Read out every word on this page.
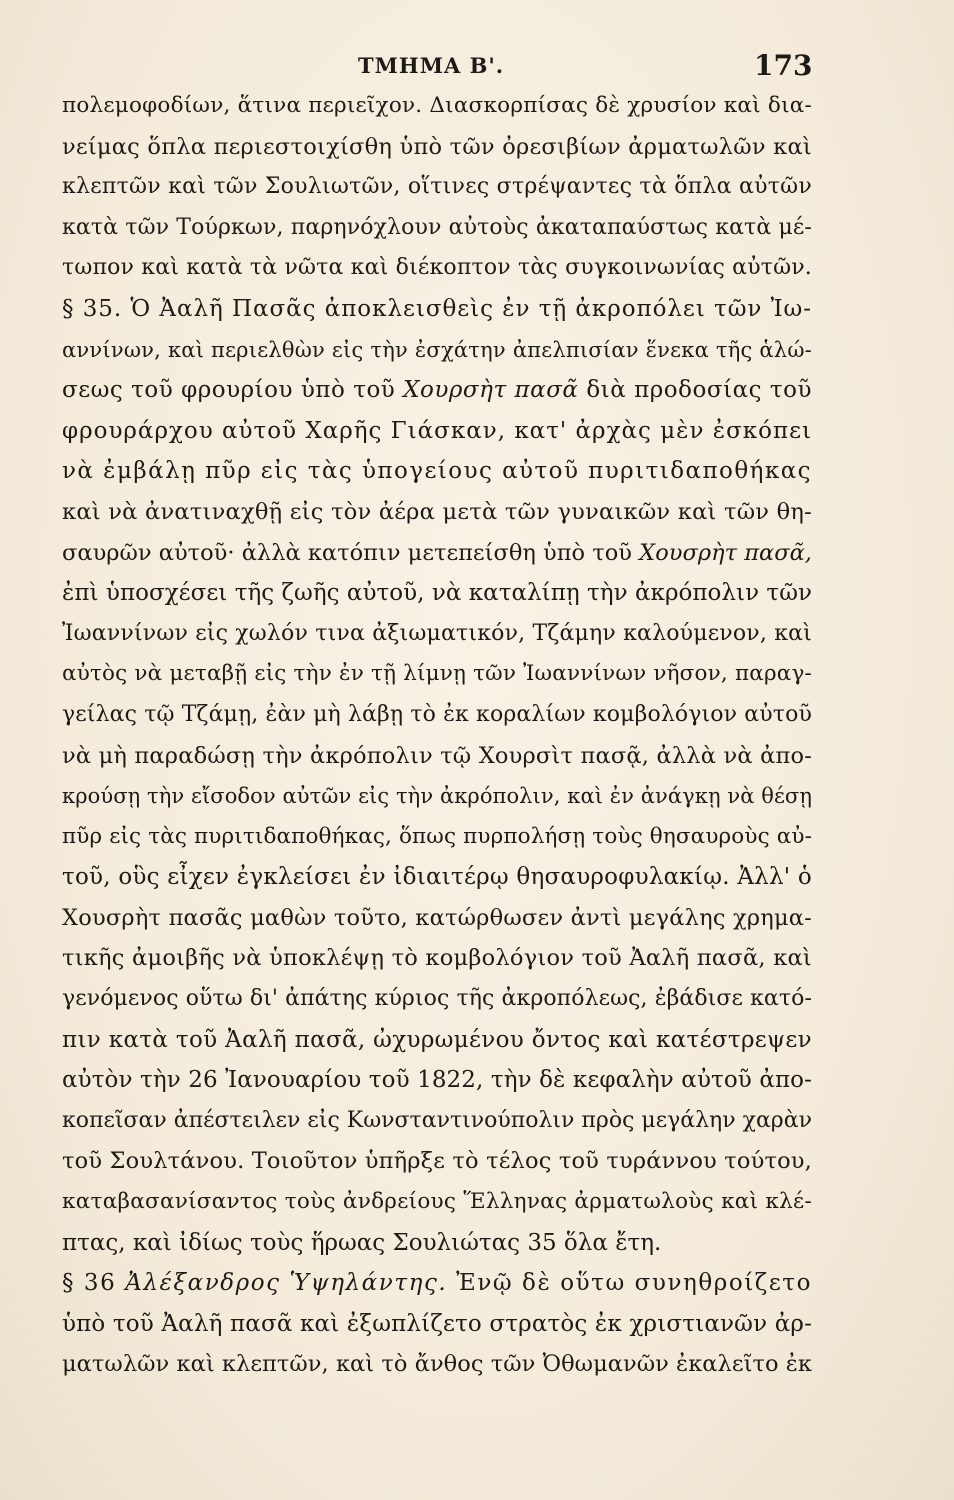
ΤΜΗΜΑ Β'.	173
πολεμοφοδίων, ἅτινα περιεῖχον. Διασκορπίσας δὲ χρυσίον καὶ δια-
νείμας ὅπλα περιεστοιχίσθη ὑπὸ τῶν ὀρεσιβίων ἀρματωλῶν καὶ
κλεπτῶν καὶ τῶν Σουλιωτῶν, οἵτινες στρέψαντες τὰ ὅπλα αὐτῶν
κατὰ τῶν Τούρκων, παρηνόχλουν αὐτοὺς ἀκαταπαύστως κατὰ μέ-
τωπον καὶ κατὰ τὰ νῶτα καὶ διέκοπτον τὰς συγκοινωνίας αὐτῶν.
§ 35. Ὁ Ἀαλῆ Πασᾶς ἀποκλεισθεὶς ἐν τῇ ἀκροπόλει τῶν Ἰω-
αννίνων, καὶ περιελθὼν εἰς τὴν ἐσχάτην ἀπελπισίαν ἕνεκα τῆς ἁλώ-
σεως τοῦ φρουρίου ὑπὸ τοῦ Χουρσὴτ πασᾶ διὰ προδοσίας τοῦ
φρουράρχου αὐτοῦ Χαρῆς Γιάσκαν, κατ' ἀρχὰς μὲν ἐσκόπει
νὰ ἐμβάλῃ πῦρ εἰς τὰς ὑπογείους αὐτοῦ πυριτιδαποθήκας
καὶ νὰ ἀνατιναχθῇ εἰς τὸν ἀέρα μετὰ τῶν γυναικῶν καὶ τῶν θη-
σαυρῶν αὐτοῦ· ἀλλὰ κατόπιν μετεπείσθη ὑπὸ τοῦ Χουσρὴτ πασᾶ,
ἐπὶ ὑποσχέσει τῆς ζωῆς αὐτοῦ, νὰ καταλίπῃ τὴν ἀκρόπολιν τῶν
Ἰωαννίνων εἰς χωλόν τινα ἀξιωματικόν, Τζάμην καλούμενον, καὶ
αὐτὸς νὰ μεταβῇ εἰς τὴν ἐν τῇ λίμνῃ τῶν Ἰωαννίνων νῆσον, παραγ-
γείλας τῷ Τζάμῃ, ἐὰν μὴ λάβῃ τὸ ἐκ κοραλίων κομβολόγιον αὐτοῦ
νὰ μὴ παραδώσῃ τὴν ἀκρόπολιν τῷ Χουρσὶτ πασᾷ, ἀλλὰ νὰ ἀπο-
κρούσῃ τὴν εἴσοδον αὐτῶν εἰς τὴν ἀκρόπολιν, καὶ ἐν ἀνάγκῃ νὰ θέσῃ
πῦρ εἰς τὰς πυριτιδαποθήκας, ὅπως πυρπολήσῃ τοὺς θησαυροὺς αὐ-
τοῦ, οὓς εἶχεν ἐγκλείσει ἐν ἰδιαιτέρῳ θησαυροφυλακίῳ. Ἀλλ' ὁ
Χουσρὴτ πασᾶς μαθὼν τοῦτο, κατώρθωσεν ἀντὶ μεγάλης χρημα-
τικῆς ἀμοιβῆς νὰ ὑποκλέψῃ τὸ κομβολόγιον τοῦ Ἀαλῆ πασᾶ, καὶ
γενόμενος οὕτω δι' ἀπάτης κύριος τῆς ἀκροπόλεως, ἐβάδισε κατό-
πιν κατὰ τοῦ Ἀαλῆ πασᾶ, ὠχυρωμένου ὄντος καὶ κατέστρεψεν
αὐτὸν τὴν 26 Ἰανουαρίου τοῦ 1822, τὴν δὲ κεφαλὴν αὐτοῦ ἀπο-
κοπεῖσαν ἀπέστειλεν εἰς Κωνσταντινούπολιν πρὸς μεγάλην χαρὰν
τοῦ Σουλτάνου. Τοιοῦτον ὑπῆρξε τὸ τέλος τοῦ τυράννου τούτου,
καταβασανίσαντος τοὺς ἀνδρείους Ἕλληνας ἀρματωλοὺς καὶ κλέ-
πτας, καὶ ἰδίως τοὺς ἥρωας Σουλιώτας 35 ὅλα ἔτη.
§ 36 Ἀλέξανδρος Ὑψηλάντης. Ἐνῷ δὲ οὕτω συνηθροίζετο
ὑπὸ τοῦ Ἀαλῆ πασᾶ καὶ ἐξωπλίζετο στρατὸς ἐκ χριστιανῶν ἀρ-
ματωλῶν καὶ κλεπτῶν, καὶ τὸ ἄνθος τῶν Ὀθωμανῶν ἐκαλεῖτο ἐκ
